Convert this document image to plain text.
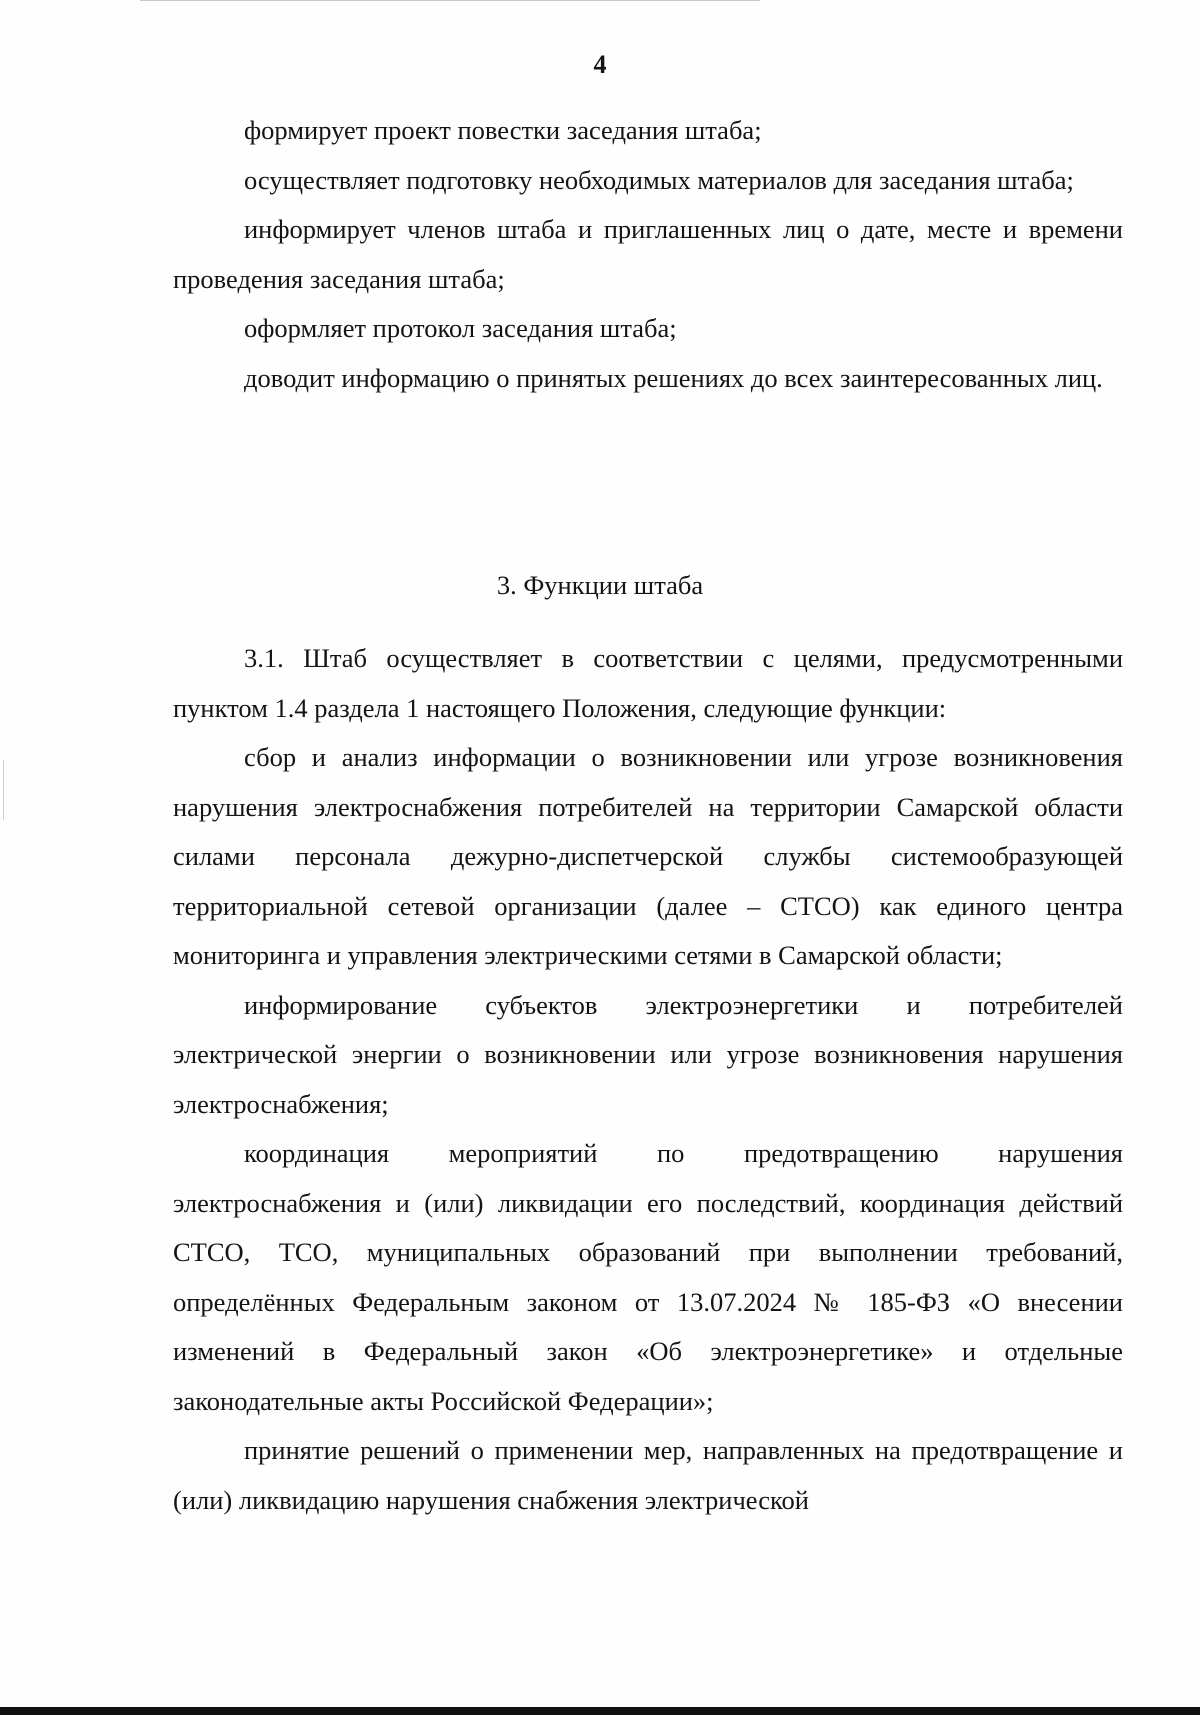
4

формирует проект повестки заседания штаба;

осуществляет подготовку необходимых материалов для заседания штаба;

информирует членов штаба и приглашенных лиц о дате, месте и времени проведения заседания штаба;

оформляет протокол заседания штаба;

доводит информацию о принятых решениях до всех заинтересованных лиц.

3. Функции штаба

3.1. Штаб осуществляет в соответствии с целями, предусмотренными пунктом 1.4 раздела 1 настоящего Положения, следующие функции:

сбор и анализ информации о возникновении или угрозе возникновения нарушения электроснабжения потребителей на территории Самарской области силами персонала дежурно-диспетчерской службы системообразующей территориальной сетевой организации (далее – СТСО) как единого центра мониторинга и управления электрическими сетями в Самарской области;

информирование субъектов электроэнергетики и потребителей электрической энергии о возникновении или угрозе возникновения нарушения электроснабжения;

координация мероприятий по предотвращению нарушения электроснабжения и (или) ликвидации его последствий, координация действий СТСО, ТСО, муниципальных образований при выполнении требований, определённых Федеральным законом от 13.07.2024 № 185-ФЗ «О внесении изменений в Федеральный закон «Об электроэнергетике» и отдельные законодательные акты Российской Федерации»;

принятие решений о применении мер, направленных на предотвращение и (или) ликвидацию нарушения снабжения электрической
